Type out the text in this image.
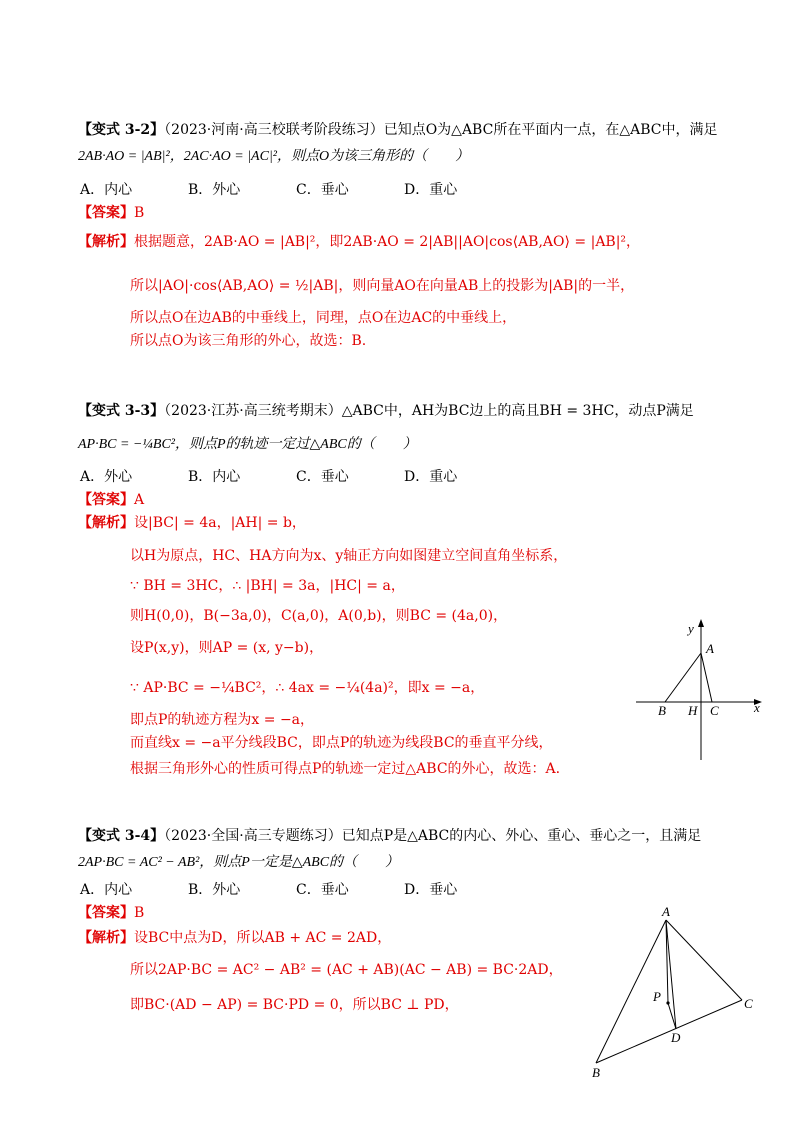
【变式 3-2】（2023·河南·高三校联考阶段练习）已知点O为△ABC所在平面内一点，在△ABC中，满足
2AB·AO = |AB|²，2AC·AO = |AC|²，则点O为该三角形的（　　）
A．内心	B．外心	C．垂心	D．重心
【答案】B
【解析】根据题意，2AB·AO = |AB|²，即2AB·AO = 2|AB||AO|cos⟨AB,AO⟩ = |AB|²，
所以|AO|·cos⟨AB,AO⟩ = ½|AB|，则向量AO在向量AB上的投影为|AB|的一半，
所以点O在边AB的中垂线上，同理，点O在边AC的中垂线上，
所以点O为该三角形的外心，故选：B.
【变式 3-3】（2023·江苏·高三统考期末）△ABC中，AH为BC边上的高且BH = 3HC，动点P满足
AP·BC = −¼BC²，则点P的轨迹一定过△ABC的（　　）
A．外心	B．内心	C．垂心	D．重心
【答案】A
【解析】设|BC| = 4a，|AH| = b，
以H为原点，HC、HA方向为x、y轴正方向如图建立空间直角坐标系，
∵ BH = 3HC，∴ |BH| = 3a，|HC| = a，
则H(0,0)，B(−3a,0)，C(a,0)，A(0,b)，则BC = (4a,0)，
设P(x,y)，则AP = (x, y−b)，
∵ AP·BC = −¼BC²，∴ 4ax = −¼(4a)²，即x = −a，
即点P的轨迹方程为x = −a，
而直线x = −a平分线段BC，即点P的轨迹为线段BC的垂直平分线，
根据三角形外心的性质可得点P的轨迹一定过△ABC的外心，故选：A.
y
x
A
B H C
【变式 3-4】（2023·全国·高三专题练习）已知点P是△ABC的内心、外心、重心、垂心之一，且满足
2AP·BC = AC² − AB²，则点P一定是△ABC的（　　）
A．内心	B．外心	C．垂心	D．垂心
【答案】B
【解析】设BC中点为D，所以AB + AC = 2AD，
所以2AP·BC = AC² − AB² = (AC + AB)(AC − AB) = BC·2AD，
即BC·(AD − AP) = BC·PD = 0，所以BC ⊥ PD，
A
P	C
D
B
